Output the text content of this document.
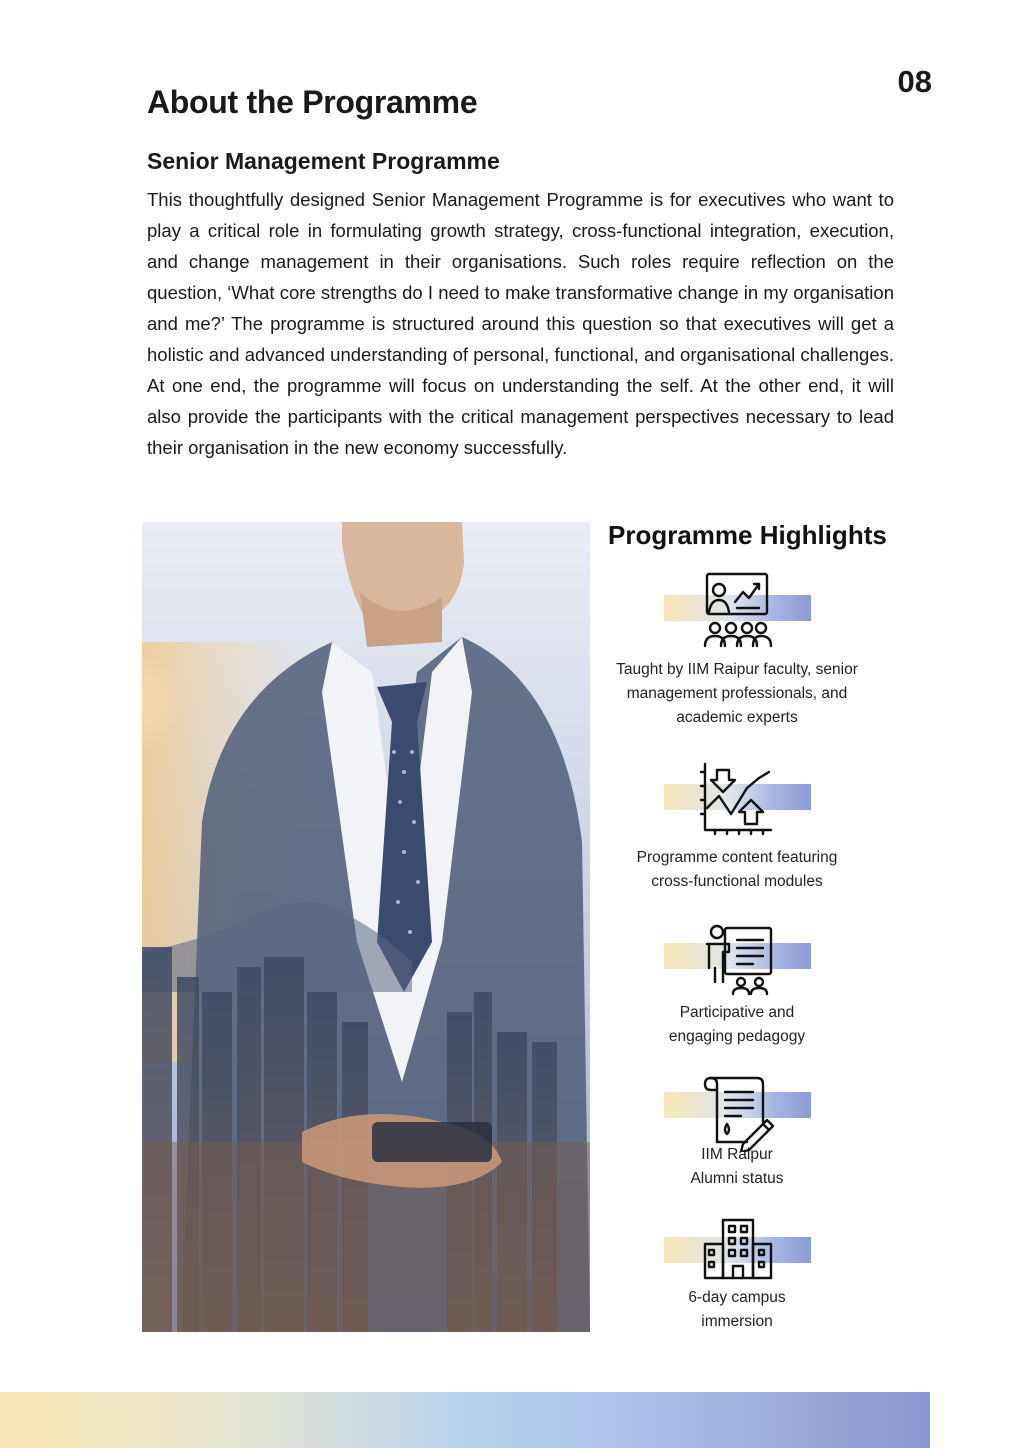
08
About the Programme
Senior Management Programme

This thoughtfully designed Senior Management Programme is for executives who want to play a critical role in formulating growth strategy, cross-functional integration, execution, and change management in their organisations. Such roles require reflection on the question, ‘What core strengths do I need to make transformative change in my organisation and me?’ The programme is structured around this question so that executives will get a holistic and advanced understanding of personal, functional, and organisational challenges. At one end, the programme will focus on understanding the self. At the other end, it will also provide the participants with the critical management perspectives necessary to lead their organisation in the new economy successfully.

Programme Highlights

Taught by IIM Raipur faculty, senior
management professionals, and
academic experts

Programme content featuring
cross-functional modules

Participative and
engaging pedagogy

IIM Raipur
Alumni status

6-day campus
immersion
